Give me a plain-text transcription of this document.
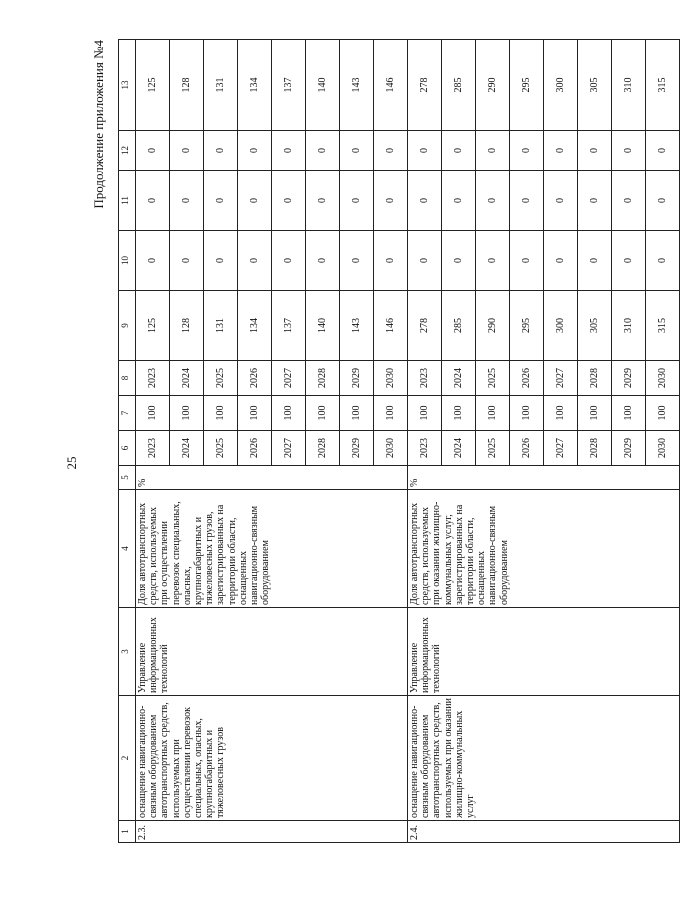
25
Продолжение приложения №4
1	2	3	4	5	6	7	8	9	10	11	12	13
2.3.	оснащение навигационно-связным оборудованием автотранспортных средств, используемых при осуществлении перевозок специальных, опасных, крупногабаритных и тяжеловесных грузов	Управление информационных технологий	Доля автотранспортных средств, используемых при осуществлении перевозок специальных, опасных, крупногабаритных и тяжеловесных грузов, зарегистрированных на территории области, оснащенных навигационно-связным оборудованием	%	2023	100	2023	125	0	0	0	125
					2024	100	2024	128	0	0	0	128
					2025	100	2025	131	0	0	0	131
					2026	100	2026	134	0	0	0	134
					2027	100	2027	137	0	0	0	137
					2028	100	2028	140	0	0	0	140
					2029	100	2029	143	0	0	0	143
					2030	100	2030	146	0	0	0	146
2.4.	оснащение навигационно-связным оборудованием автотранспортных средств, используемых при оказании жилищно-коммунальных услуг	Управление информационных технологий	Доля автотранспортных средств, используемых при оказании жилищно-коммунальных услуг, зарегистрированных на территории области, оснащенных навигационно-связным оборудованием	%	2023	100	2023	278	0	0	0	278
					2024	100	2024	285	0	0	0	285
					2025	100	2025	290	0	0	0	290
					2026	100	2026	295	0	0	0	295
					2027	100	2027	300	0	0	0	300
					2028	100	2028	305	0	0	0	305
					2029	100	2029	310	0	0	0	310
					2030	100	2030	315	0	0	0	315
